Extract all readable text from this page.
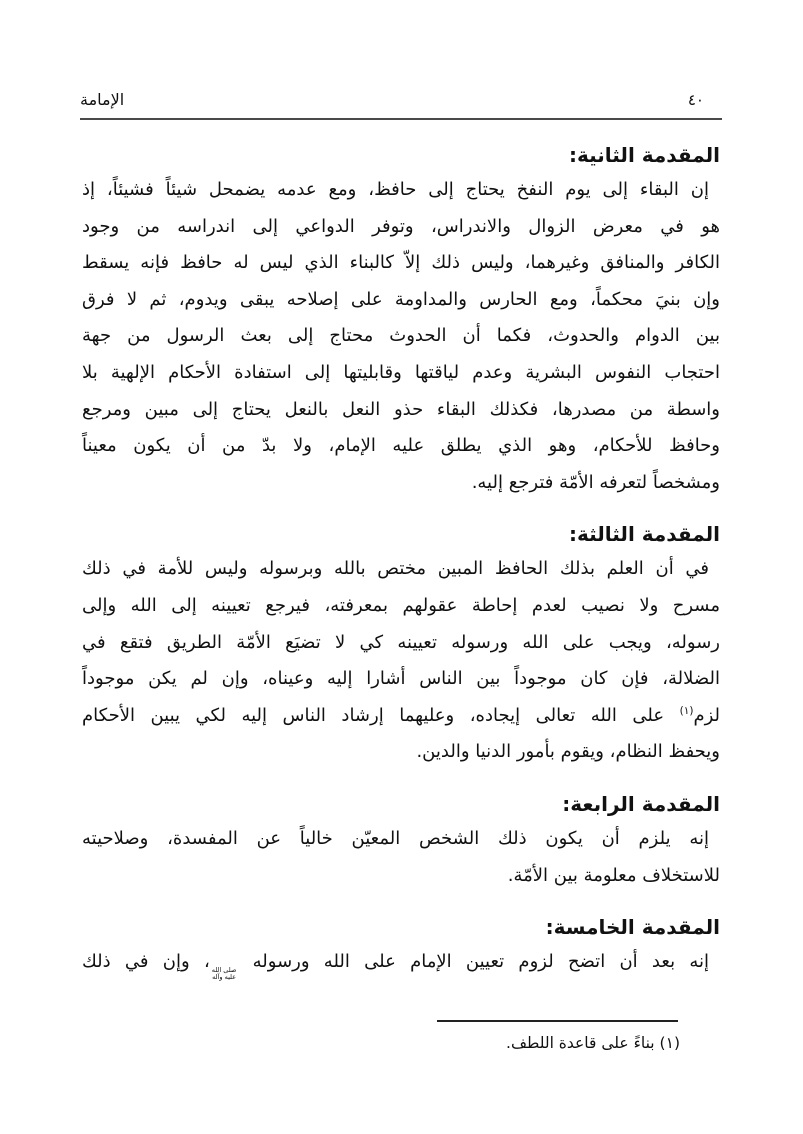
الإمامة	٤٠
المقدمة الثانية:
إن البقاء إلى يوم النفخ يحتاج إلى حافظ، ومع عدمه يضمحل شيئاً فشيئاً، إذ
هو في معرض الزوال والاندراس، وتوفر الدواعي إلى اندراسه من وجود
الكافر والمنافق وغيرهما، وليس ذلك إلاّ كالبناء الذي ليس له حافظ فإنه يسقط
وإن بنيَ محكماً، ومع الحارس والمداومة على إصلاحه يبقى ويدوم، ثم لا فرق
بين الدوام والحدوث، فكما أن الحدوث محتاج إلى بعث الرسول من جهة
احتجاب النفوس البشرية وعدم لياقتها وقابليتها إلى استفادة الأحكام الإلهية بلا
واسطة من مصدرها، فكذلك البقاء حذو النعل بالنعل يحتاج إلى مبين ومرجع
وحافظ للأحكام، وهو الذي يطلق عليه الإمام، ولا بدّ من أن يكون معيناً
ومشخصاً لتعرفه الأمّة فترجع إليه.
المقدمة الثالثة:
في أن العلم بذلك الحافظ المبين مختص بالله وبرسوله وليس للأمة في ذلك
مسرح ولا نصيب لعدم إحاطة عقولهم بمعرفته، فيرجع تعيينه إلى الله وإلى
رسوله، ويجب على الله ورسوله تعيينه كي لا تضيَع الأمّة الطريق فتقع في
الضلالة، فإن كان موجوداً بين الناس أشارا إليه وعيناه، وإن لم يكن موجوداً
لزم$^{(١)}$ على الله تعالى إيجاده، وعليهما إرشاد الناس إليه لكي يبين الأحكام
ويحفظ النظام، ويقوم بأمور الدنيا والدين.
المقدمة الرابعة:
إنه يلزم أن يكون ذلك الشخص المعيّن خالياً عن المفسدة، وصلاحيته
للاستخلاف معلومة بين الأمّة.
المقدمة الخامسة:
إنه بعد أن اتضح لزوم تعيين الإمام على الله ورسوله
صلى الله
عليه وآله
، وإن في ذلك
(١) بناءً على قاعدة اللطف.
